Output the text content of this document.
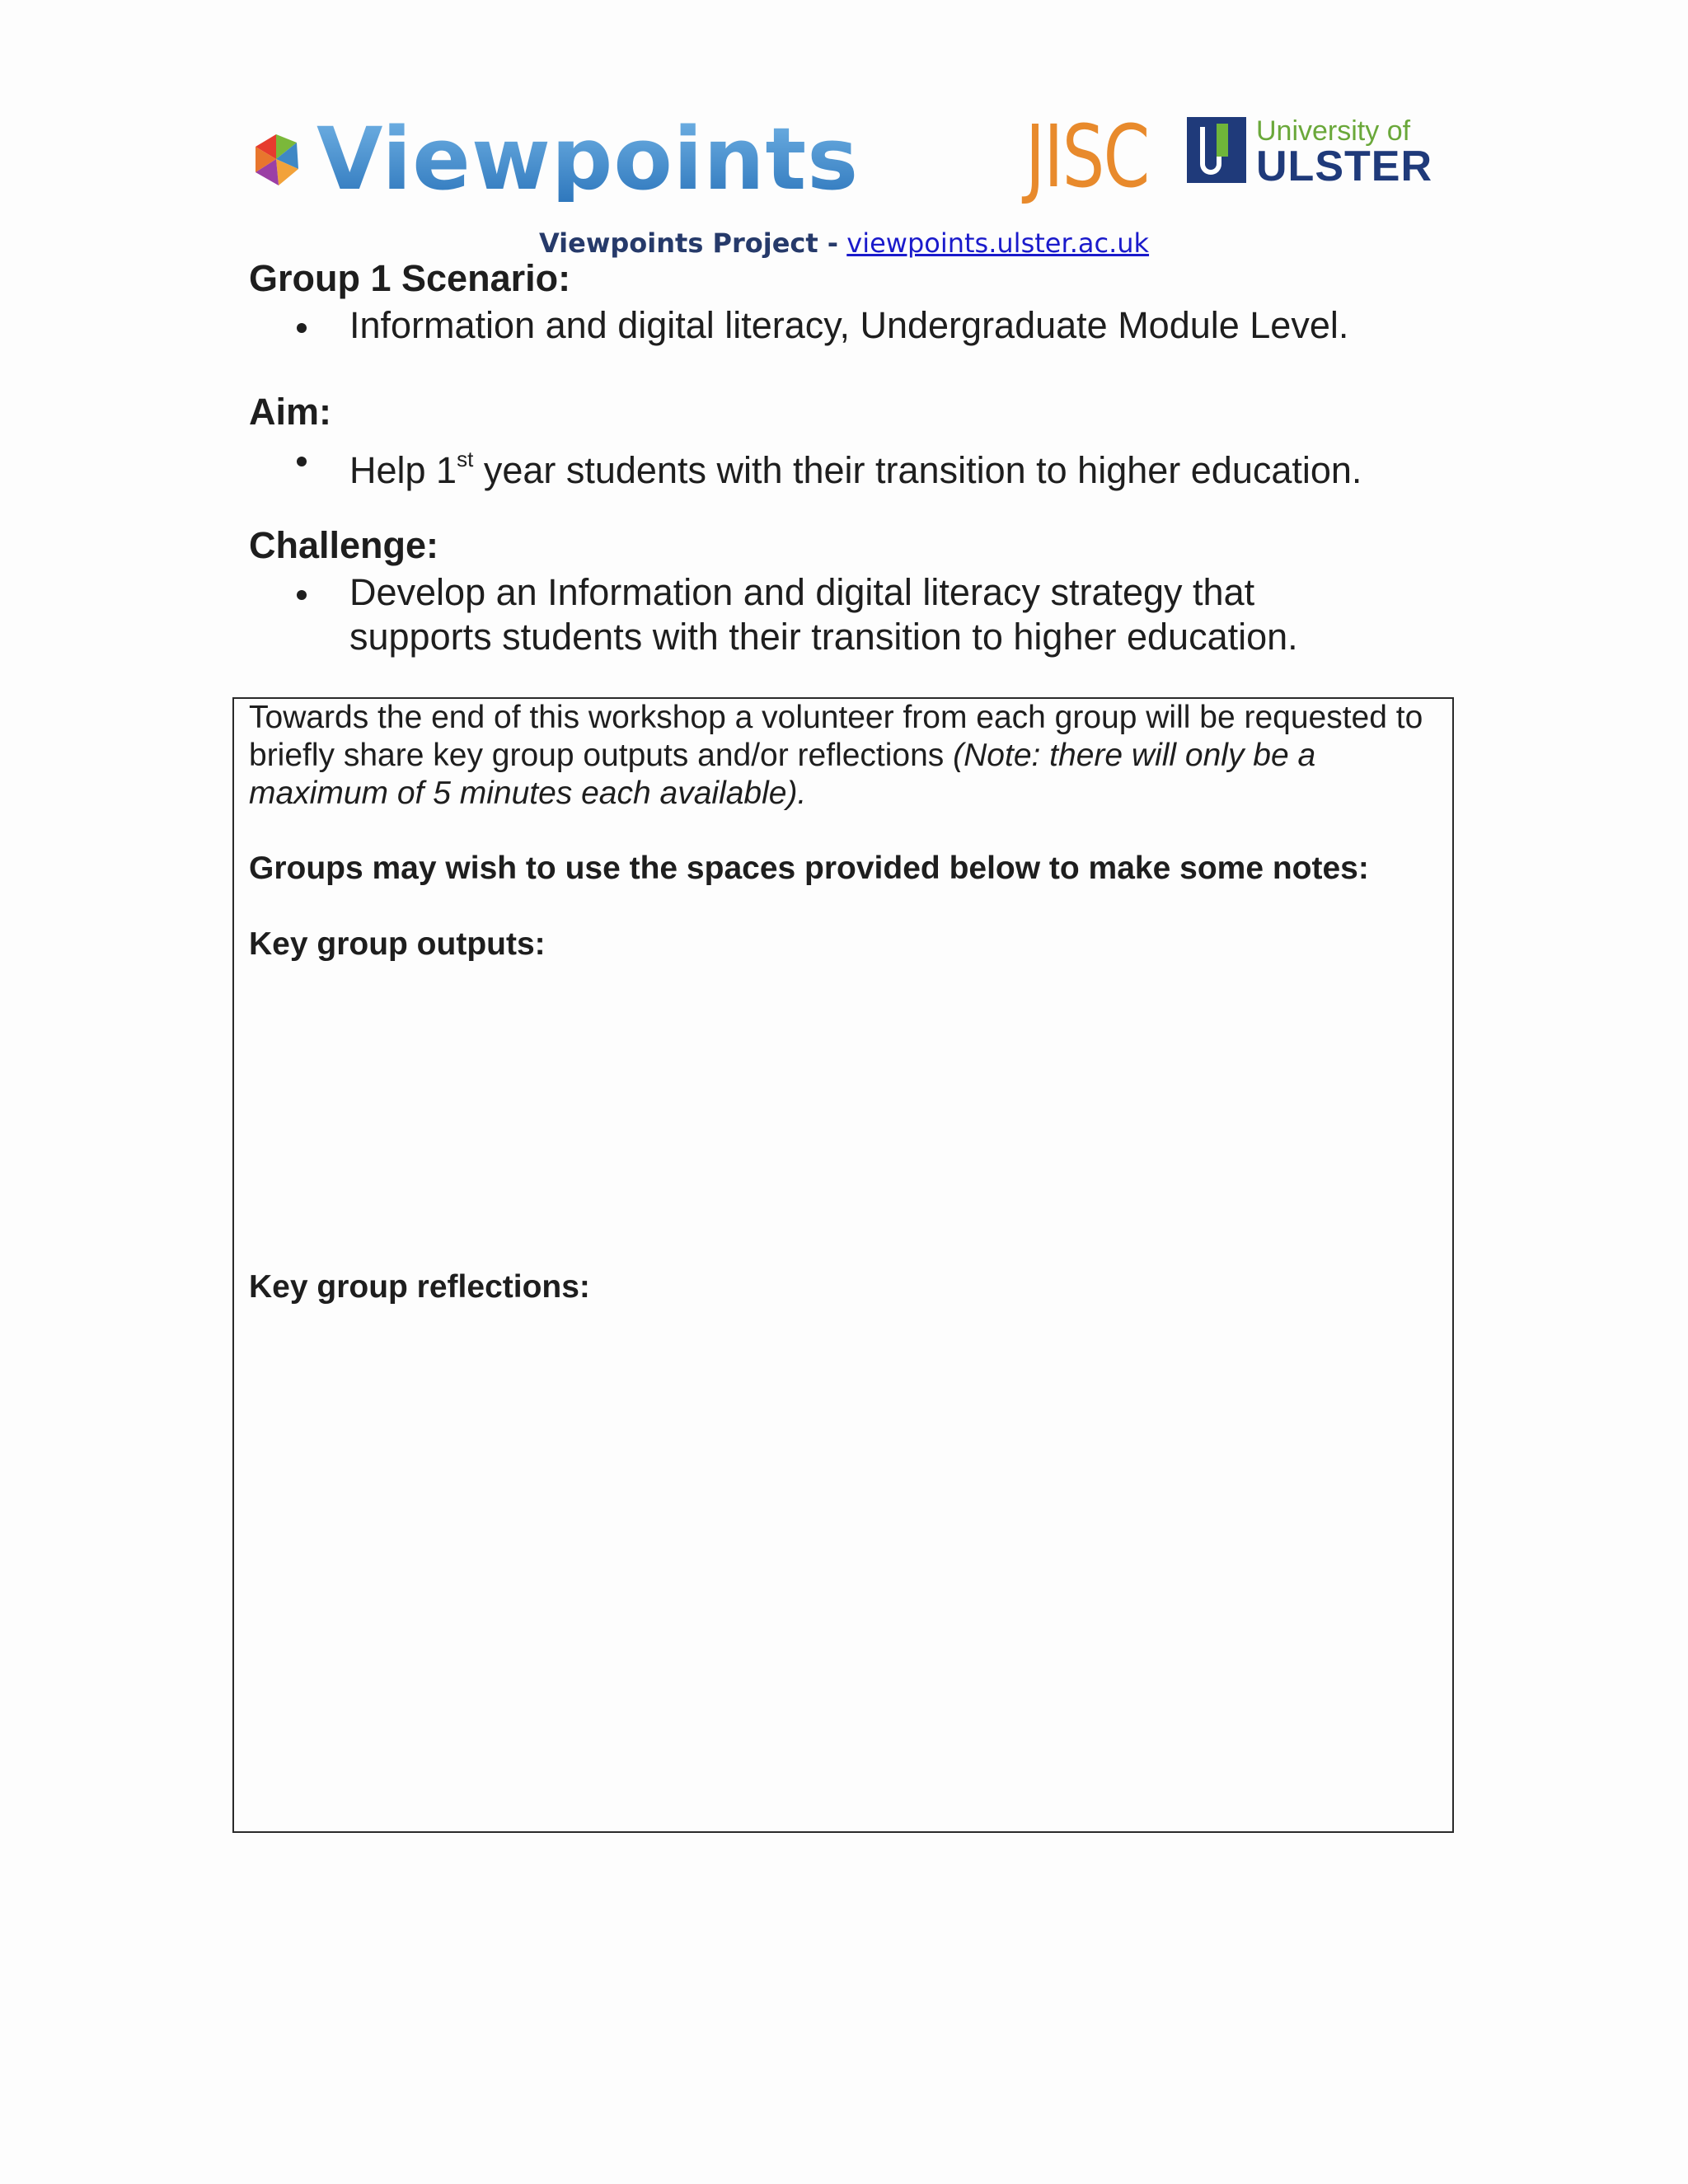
Viewpoints JISC	University of
ULSTER
Viewpoints Project - viewpoints.ulster.ac.uk
Group 1 Scenario:
Information and digital literacy, Undergraduate Module Level.
Aim:
Help 1st year students with their transition to higher education.
Challenge:
Develop an Information and digital literacy strategy that supports students with their transition to higher education.
Towards the end of this workshop a volunteer from each group will be requested to briefly share key group outputs and/or reflections (Note: there will only be a maximum of 5 minutes each available).
Groups may wish to use the spaces provided below to make some notes:
Key group outputs:
Key group reflections:
